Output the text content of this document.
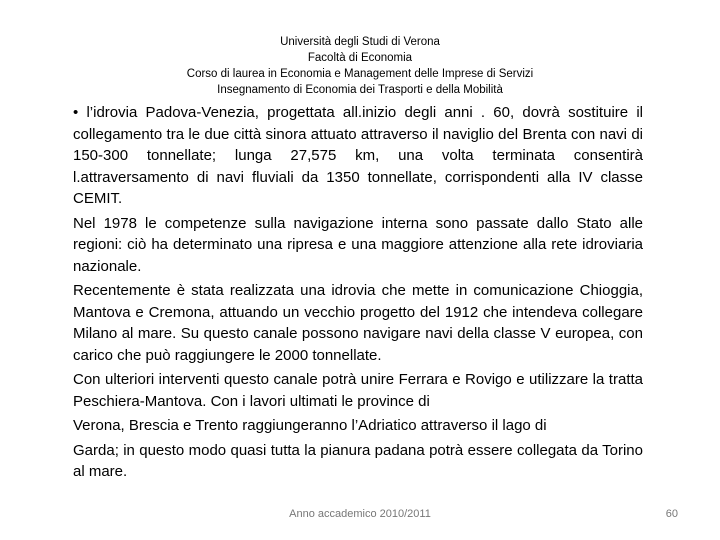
Università degli Studi di Verona
Facoltà di Economia
Corso di laurea in Economia e Management delle Imprese di Servizi
Insegnamento di Economia dei Trasporti e della Mobilità

• l’idrovia Padova-Venezia, progettata all.inizio degli anni . 60, dovrà sostituire il collegamento tra le due città sinora attuato attraverso il naviglio del Brenta con navi di 150-300 tonnellate; lunga 27,575 km, una volta terminata consentirà l.attraversamento di navi fluviali da 1350 tonnellate, corrispondenti alla IV classe CEMIT.

Nel 1978 le competenze sulla navigazione interna sono passate dallo Stato alle regioni: ciò ha determinato una ripresa e una maggiore attenzione alla rete idroviaria nazionale.

Recentemente è stata realizzata una idrovia che mette in comunicazione Chioggia, Mantova e Cremona, attuando un vecchio progetto del 1912 che intendeva collegare Milano al mare. Su questo canale possono navigare navi della classe V europea, con carico che può raggiungere le 2000 tonnellate.

Con ulteriori interventi questo canale potrà unire Ferrara e Rovigo e utilizzare la tratta Peschiera-Mantova. Con i lavori ultimati le province di

Verona, Brescia e Trento raggiungeranno l’Adriatico attraverso il lago di

Garda; in questo modo quasi tutta la pianura padana potrà essere collegata da Torino al mare.

Anno accademico 2010/2011	60
